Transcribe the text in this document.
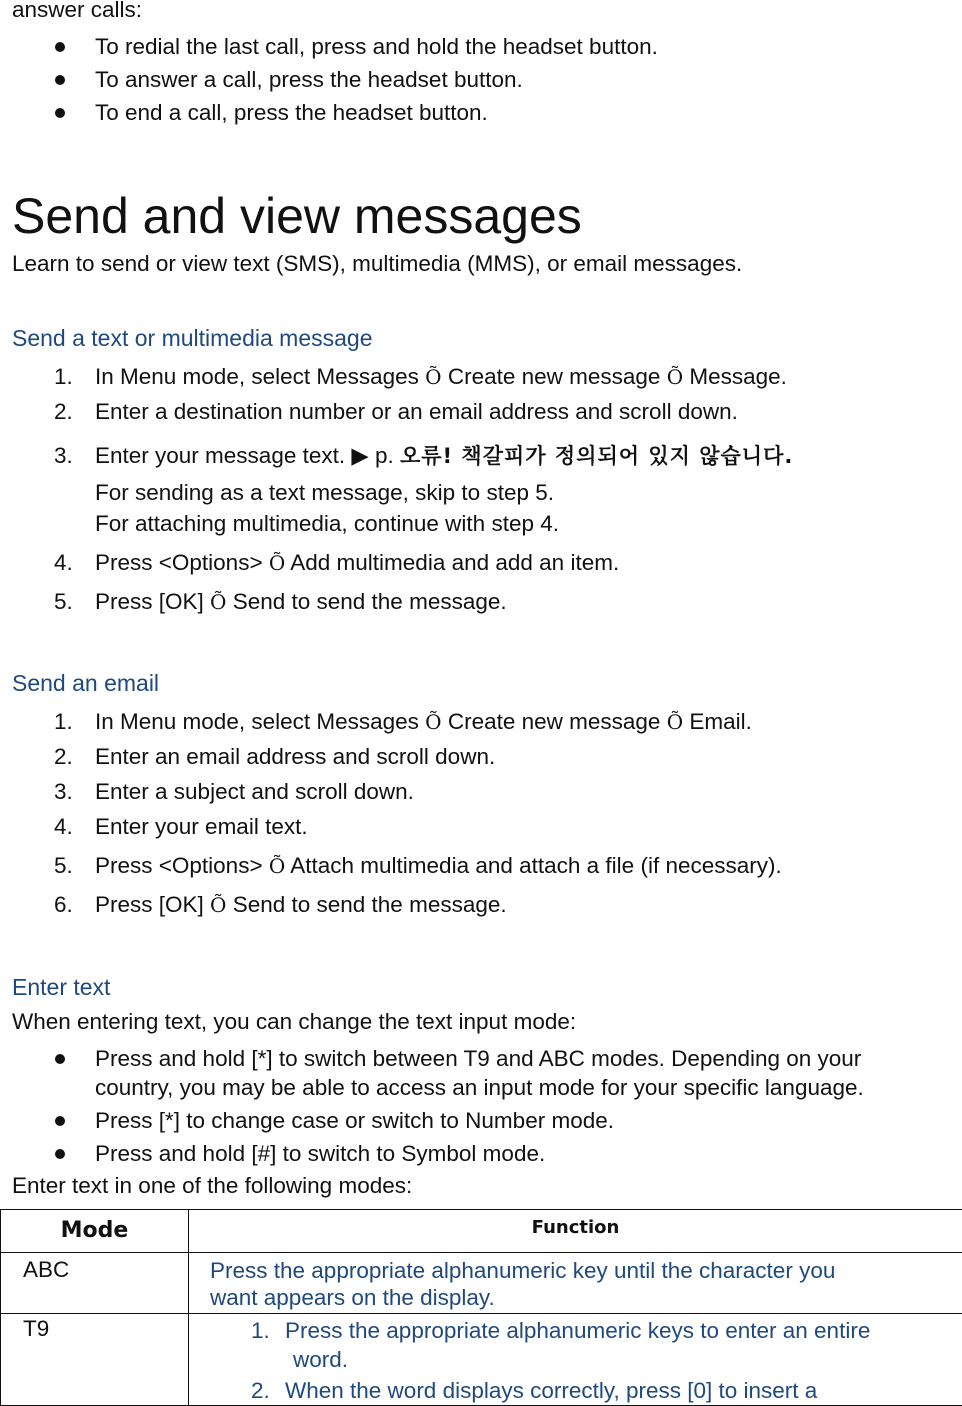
answer calls:
To redial the last call, press and hold the headset button.
To answer a call, press the headset button.
To end a call, press the headset button.
Send and view messages
Learn to send or view text (SMS), multimedia (MMS), or email messages.
Send a text or multimedia message
1. In Menu mode, select Messages Õ Create new message Õ Message.
2. Enter a destination number or an email address and scroll down.
3. Enter your message text. ▶ p. 오류! 책갈피가 정의되어 있지 않습니다.
For sending as a text message, skip to step 5.
For attaching multimedia, continue with step 4.
4. Press <Options> Õ Add multimedia and add an item.
5. Press [OK] Õ Send to send the message.
Send an email
1. In Menu mode, select Messages Õ Create new message Õ Email.
2. Enter an email address and scroll down.
3. Enter a subject and scroll down.
4. Enter your email text.
5. Press <Options> Õ Attach multimedia and attach a file (if necessary).
6. Press [OK] Õ Send to send the message.
Enter text
When entering text, you can change the text input mode:
Press and hold [*] to switch between T9 and ABC modes. Depending on your
country, you may be able to access an input mode for your specific language.
Press [*] to change case or switch to Number mode.
Press and hold [#] to switch to Symbol mode.
Enter text in one of the following modes:
Mode	Function

ABC	Press the appropriate alphanumeric key until the character you
want appears on the display.

T9	1. Press the appropriate alphanumeric keys to enter an entire
word.
2. When the word displays correctly, press [0] to insert a
